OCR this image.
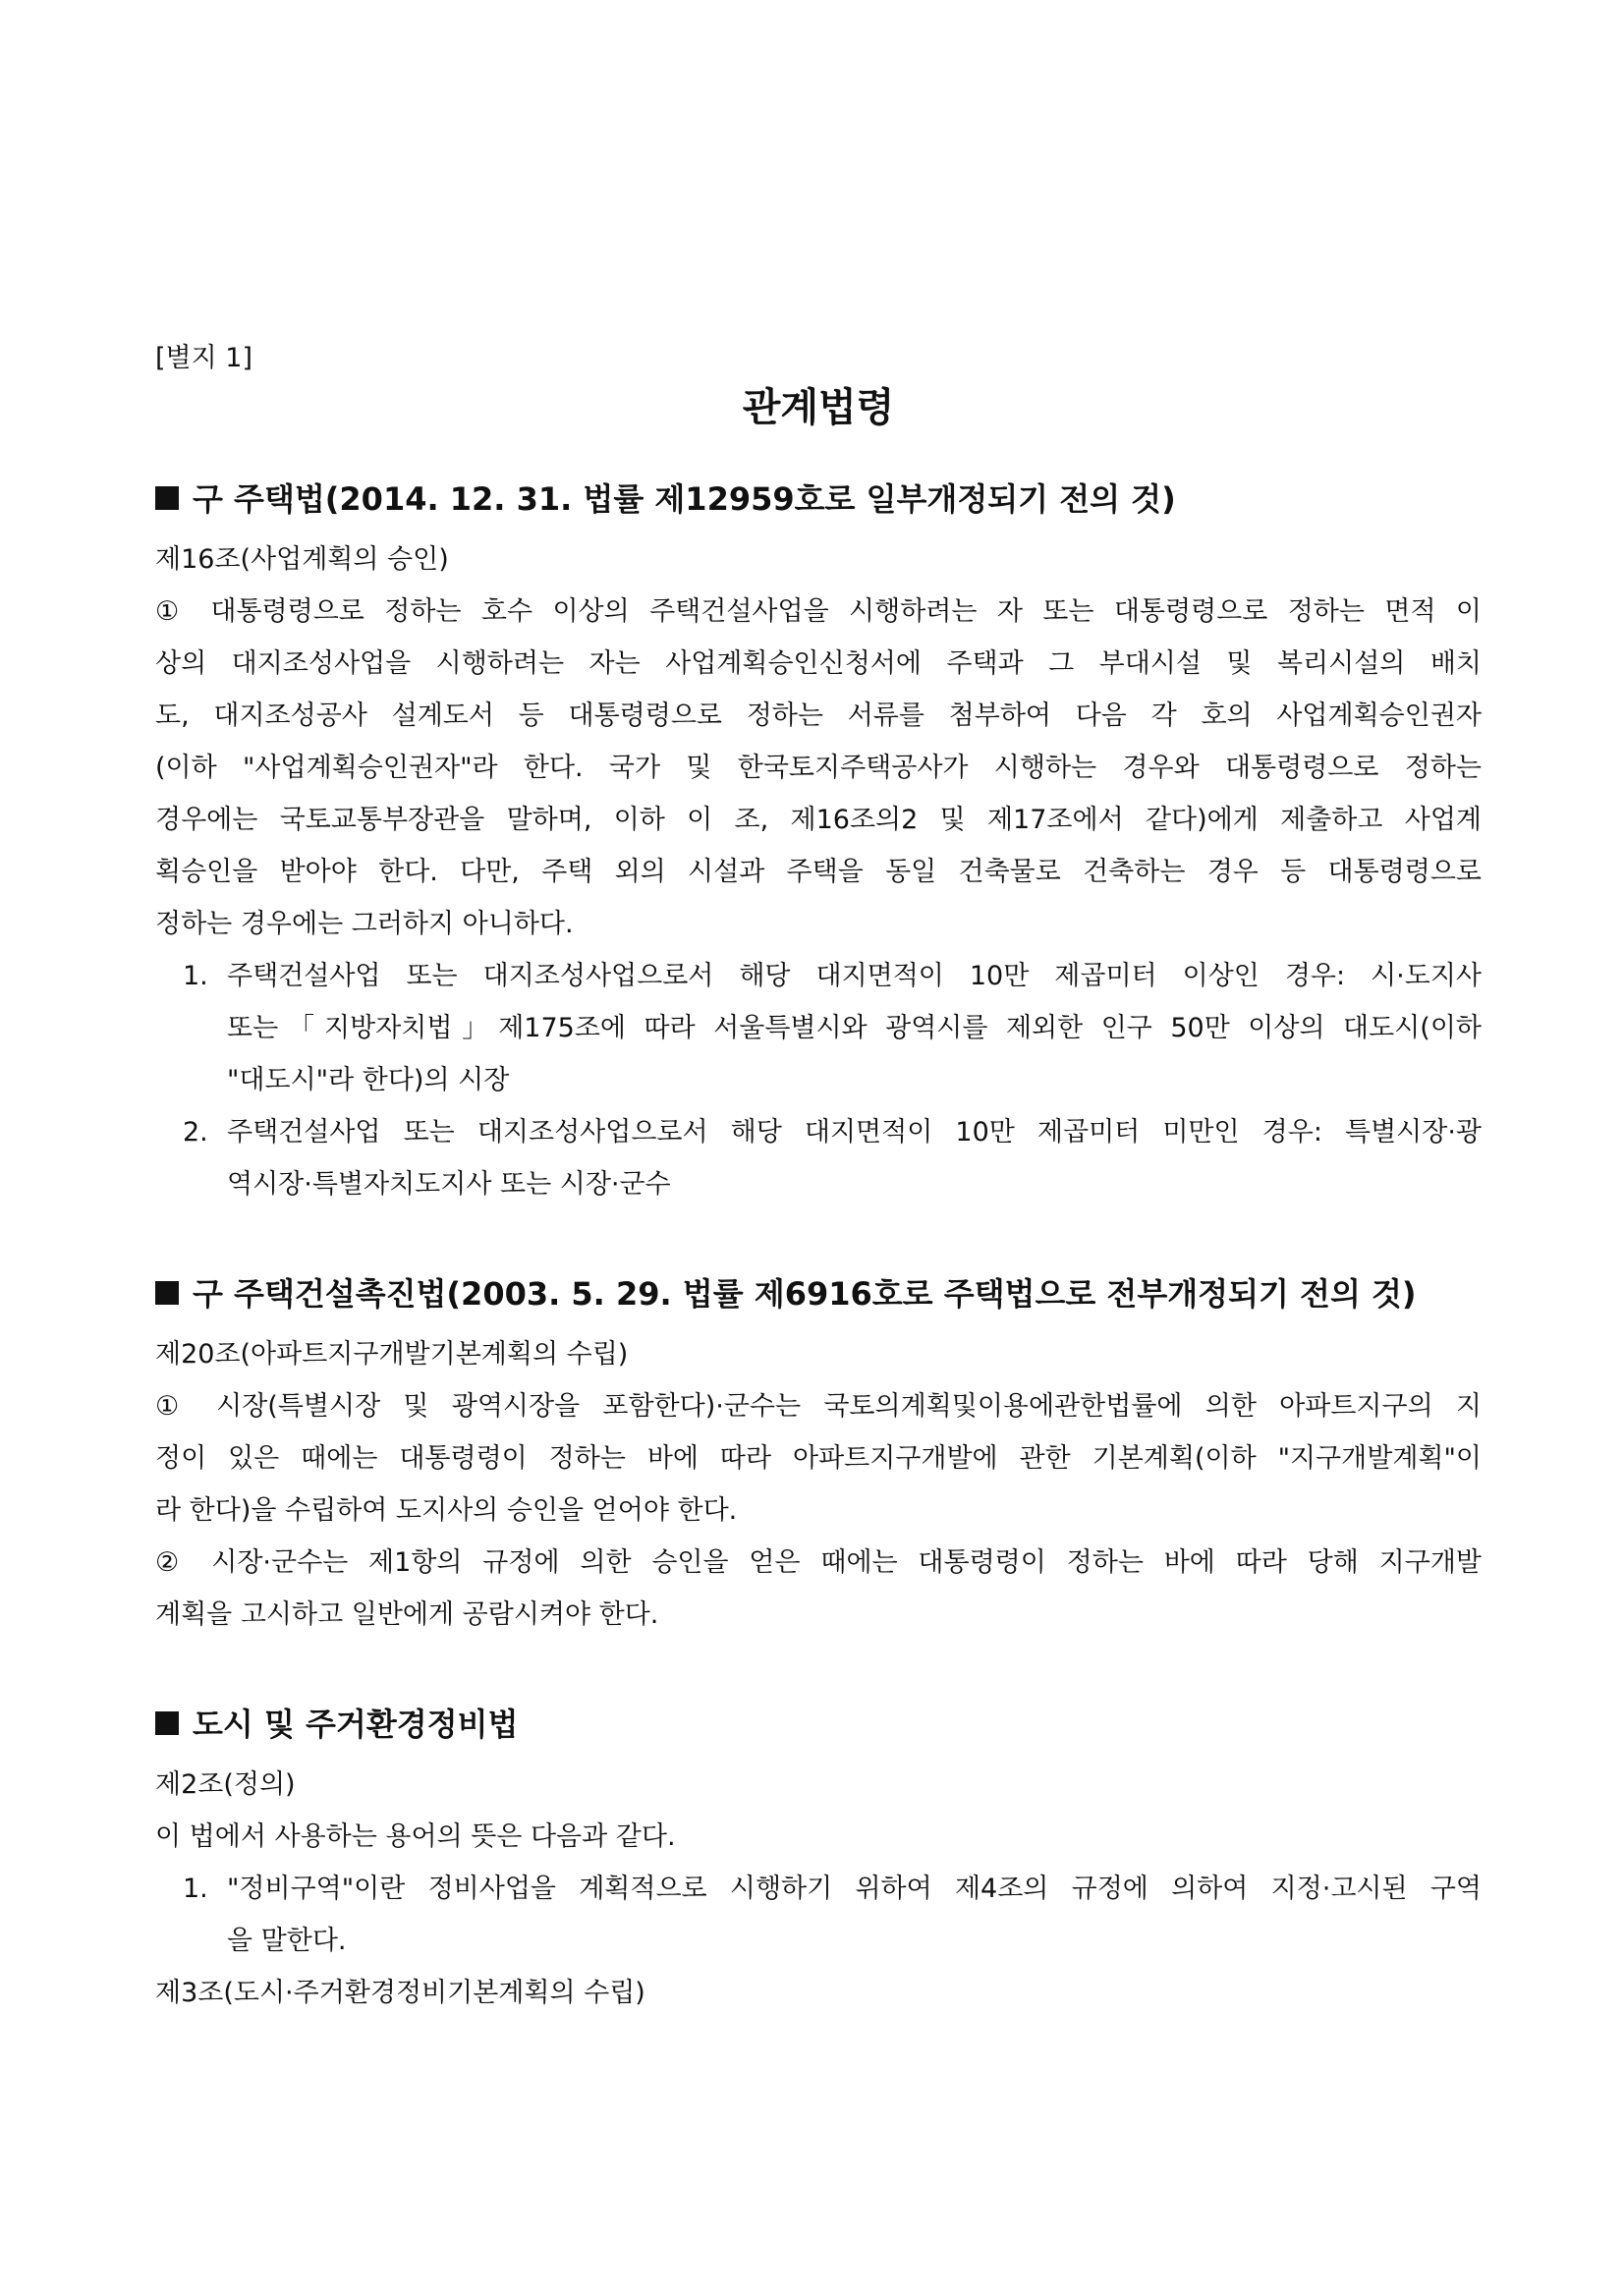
[별지 1]

관계법령
구 주택법(2014. 12. 31. 법률 제12959호로 일부개정되기 전의 것)

제16조(사업계획의 승인)

① 대통령령으로 정하는 호수 이상의 주택건설사업을 시행하려는 자 또는 대통령령으로 정하는 면적 이

상의 대지조성사업을 시행하려는 자는 사업계획승인신청서에 주택과 그 부대시설 및 복리시설의 배치

도, 대지조성공사 설계도서 등 대통령령으로 정하는 서류를 첨부하여 다음 각 호의 사업계획승인권자

(이하 "사업계획승인권자"라 한다. 국가 및 한국토지주택공사가 시행하는 경우와 대통령령으로 정하는

경우에는 국토교통부장관을 말하며, 이하 이 조, 제16조의2 및 제17조에서 같다)에게 제출하고 사업계

획승인을 받아야 한다. 다만, 주택 외의 시설과 주택을 동일 건축물로 건축하는 경우 등 대통령령으로

정하는 경우에는 그러하지 아니하다.

1. 주택건설사업 또는 대지조성사업으로서 해당 대지면적이 10만 제곱미터 이상인 경우: 시·도지사

또는「지방자치법」제175조에 따라 서울특별시와 광역시를 제외한 인구 50만 이상의 대도시(이하

"대도시"라 한다)의 시장

2. 주택건설사업 또는 대지조성사업으로서 해당 대지면적이 10만 제곱미터 미만인 경우: 특별시장·광

역시장·특별자치도지사 또는 시장·군수

구 주택건설촉진법(2003. 5. 29. 법률 제6916호로 주택법으로 전부개정되기 전의 것)

제20조(아파트지구개발기본계획의 수립)

① 시장(특별시장 및 광역시장을 포함한다)·군수는 국토의계획및이용에관한법률에 의한 아파트지구의 지

정이 있은 때에는 대통령령이 정하는 바에 따라 아파트지구개발에 관한 기본계획(이하 "지구개발계획"이

라 한다)을 수립하여 도지사의 승인을 얻어야 한다.

② 시장·군수는 제1항의 규정에 의한 승인을 얻은 때에는 대통령령이 정하는 바에 따라 당해 지구개발

계획을 고시하고 일반에게 공람시켜야 한다.

도시 및 주거환경정비법

제2조(정의)

이 법에서 사용하는 용어의 뜻은 다음과 같다.

1. "정비구역"이란 정비사업을 계획적으로 시행하기 위하여 제4조의 규정에 의하여 지정·고시된 구역

을 말한다.

제3조(도시·주거환경정비기본계획의 수립)
